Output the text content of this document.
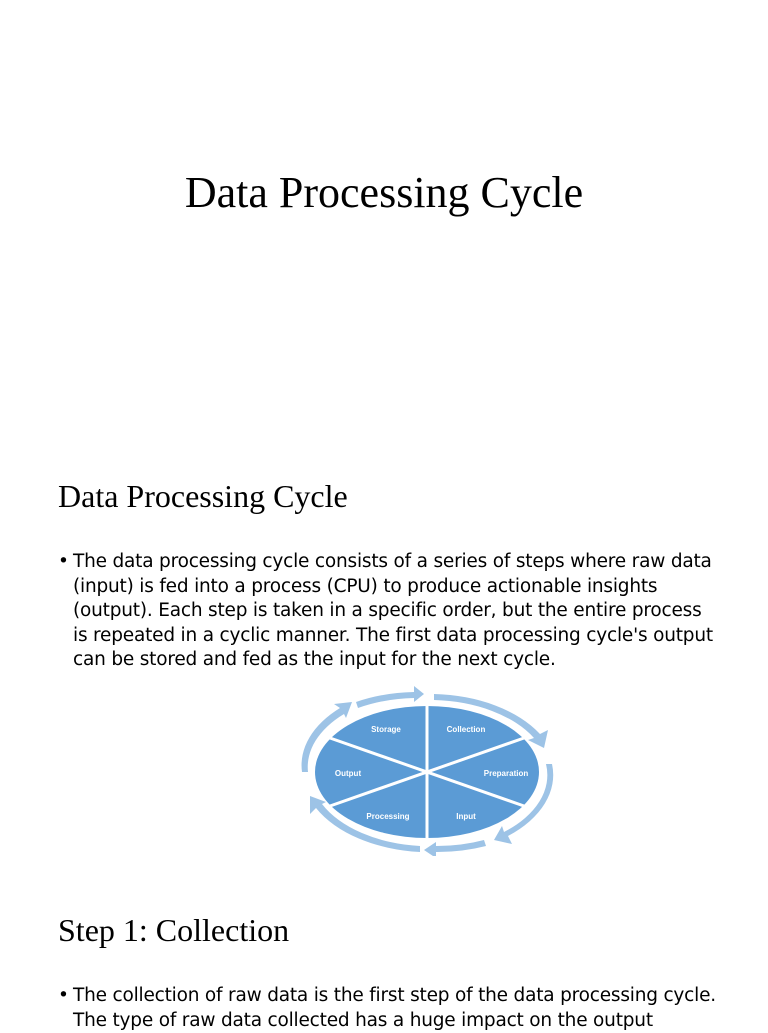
Data Processing Cycle
Data Processing Cycle
• The data processing cycle consists of a series of steps where raw data (input) is fed into a process (CPU) to produce actionable insights (output). Each step is taken in a specific order, but the entire process is repeated in a cyclic manner. The first data processing cycle's output can be stored and fed as the input for the next cycle.
Storage	Collection
Preparation
Input
Processing
Output
Step 1: Collection
• The collection of raw data is the first step of the data processing cycle. The type of raw data collected has a huge impact on the output
